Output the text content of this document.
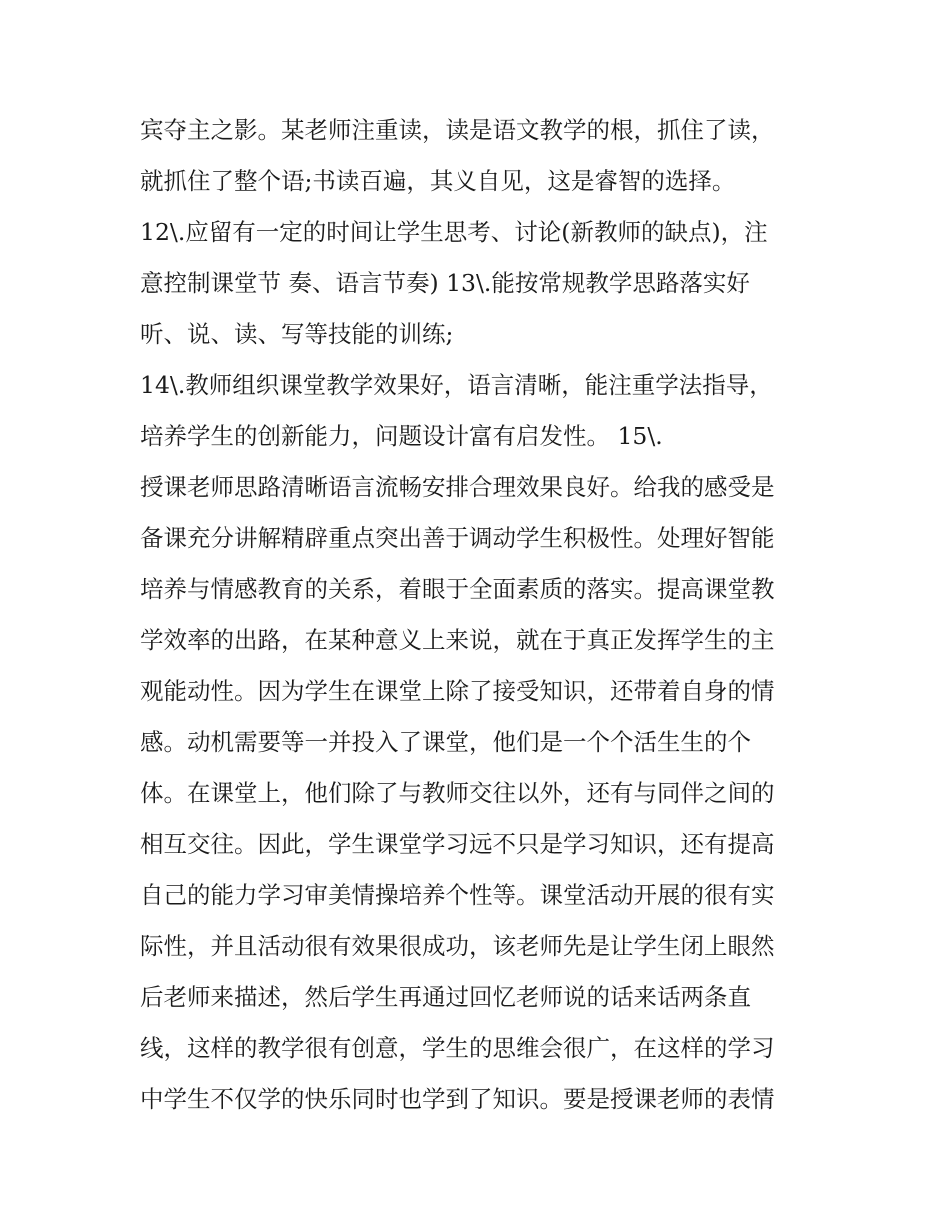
宾夺主之影。某老师注重读，读是语文教学的根，抓住了读，
就抓住了整个语;书读百遍，其义自见，这是睿智的选择。
12\.应留有一定的时间让学生思考、讨论(新教师的缺点)，注
意控制课堂节 奏、语言节奏) 13\.能按常规教学思路落实好
听、说、读、写等技能的训练;
14\.教师组织课堂教学效果好，语言清晰，能注重学法指导，
培养学生的创新能力，问题设计富有启发性。 15\.
授课老师思路清晰语言流畅安排合理效果良好。给我的感受是
备课充分讲解精辟重点突出善于调动学生积极性。处理好智能
培养与情感教育的关系，着眼于全面素质的落实。提高课堂教
学效率的出路，在某种意义上来说，就在于真正发挥学生的主
观能动性。因为学生在课堂上除了接受知识，还带着自身的情
感。动机需要等一并投入了课堂，他们是一个个活生生的个
体。在课堂上，他们除了与教师交往以外，还有与同伴之间的
相互交往。因此，学生课堂学习远不只是学习知识，还有提高
自己的能力学习审美情操培养个性等。课堂活动开展的很有实
际性，并且活动很有效果很成功，该老师先是让学生闭上眼然
后老师来描述，然后学生再通过回忆老师说的话来话两条直
线，这样的教学很有创意，学生的思维会很广，在这样的学习
中学生不仅学的快乐同时也学到了知识。要是授课老师的表情
